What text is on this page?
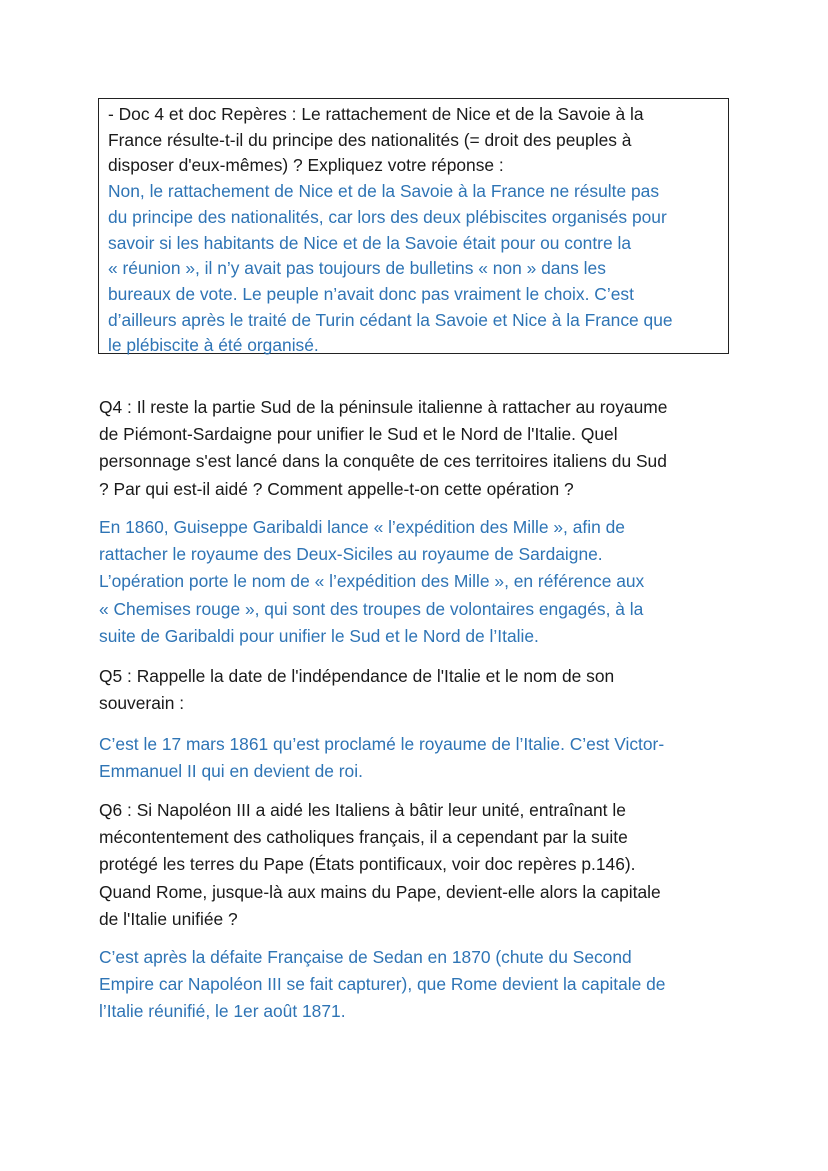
- Doc 4 et doc Repères : Le rattachement de Nice et de la Savoie à la
France résulte-t-il du principe des nationalités (= droit des peuples à
disposer d'eux-mêmes) ? Expliquez votre réponse :
Non, le rattachement de Nice et de la Savoie à la France ne résulte pas
du principe des nationalités, car lors des deux plébiscites organisés pour
savoir si les habitants de Nice et de la Savoie était pour ou contre la
« réunion », il n’y avait pas toujours de bulletins « non » dans les
bureaux de vote. Le peuple n’avait donc pas vraiment le choix. C’est
d’ailleurs après le traité de Turin cédant la Savoie et Nice à la France que
le plébiscite à été organisé.
Q4 : Il reste la partie Sud de la péninsule italienne à rattacher au royaume
de Piémont-Sardaigne pour unifier le Sud et le Nord de l'Italie. Quel
personnage s'est lancé dans la conquête de ces territoires italiens du Sud
? Par qui est-il aidé ? Comment appelle-t-on cette opération ?
En 1860, Guiseppe Garibaldi lance « l’expédition des Mille », afin de
rattacher le royaume des Deux-Siciles au royaume de Sardaigne.
L’opération porte le nom de « l’expédition des Mille », en référence aux
« Chemises rouge », qui sont des troupes de volontaires engagés, à la
suite de Garibaldi pour unifier le Sud et le Nord de l’Italie.
Q5 : Rappelle la date de l'indépendance de l'Italie et le nom de son
souverain :
C’est le 17 mars 1861 qu’est proclamé le royaume de l’Italie. C’est Victor-
Emmanuel II qui en devient de roi.
Q6 : Si Napoléon III a aidé les Italiens à bâtir leur unité, entraînant le
mécontentement des catholiques français, il a cependant par la suite
protégé les terres du Pape (États pontificaux, voir doc repères p.146).
Quand Rome, jusque-là aux mains du Pape, devient-elle alors la capitale
de l'Italie unifiée ?
C’est après la défaite Française de Sedan en 1870 (chute du Second
Empire car Napoléon III se fait capturer), que Rome devient la capitale de
l’Italie réunifié, le 1er août 1871.
